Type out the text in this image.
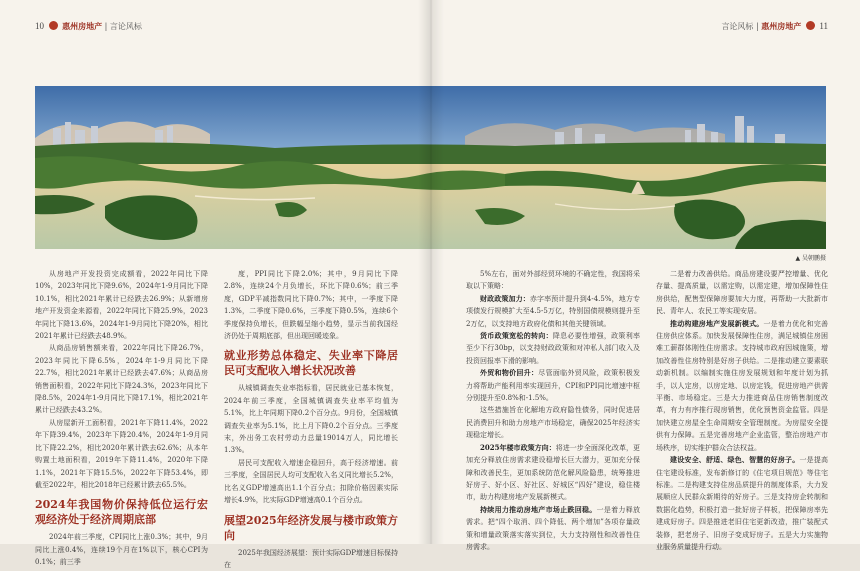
10 惠州房地产 | 言论风标	言论风标 | 惠州房地产 11
▲ 吴朝鹏摄

从房地产开发投资完成额看，2022年同比下降10%，2023年同比下降9.6%，2024年1-9月同比下降10.1%，相比2021年累计已经跌去26.9%；从新增房地产开发资金来源看，2022年同比下降25.9%，2023年同比下降13.6%，2024年1-9月同比下降20%，相比2021年累计已经跌去48.9%。

从商品房销售额来看，2022年同比下降26.7%，2023年同比下降6.5%，2024年1-9月同比下降22.7%，相比2021年累计已经跌去47.6%；从商品房销售面积看，2022年同比下降24.3%，2023年同比下降8.5%，2024年1-9月同比下降17.1%，相比2021年累计已经跌去43.2%。

从房屋新开工面积看，2021年下降11.4%，2022年下降39.4%，2023年下降20.4%，2024年1-9月同比下降22.2%，相比2020年累计跌去62.6%；从本年购置土地面积看，2019年下降11.4%，2020年下降1.1%，2021年下降15.5%，2022年下降53.4%，即截至2022年，相比2018年已经累计跌去65.5%。

2024年我国物价保持低位运行宏观经济处于经济周期底部

2024年前三季度，CPI同比上涨0.3%；其中，9月同比上涨0.4%，连续19个月在1%以下，核心CPI为0.1%；前三季

度，PPI同比下降2.0%；其中，9月同比下降2.8%，连续24个月负增长，环比下降0.6%；前三季度，GDP平减指数同比下降0.7%；其中，一季度下降1.3%，二季度下降0.6%，三季度下降0.5%，连续6个季度保持负增长，但跌幅呈缩小趋势，显示当前我国经济仍处于周期底部，但出现回暖迹象。

就业形势总体稳定、失业率下降居民可支配收入增长状况改善

从城镇调查失业率指标看，居民就业已基本恢复，2024年前三季度，全国城镇调查失业率平均值为5.1%，比上年同期下降0.2个百分点。9月份，全国城镇调查失业率为5.1%，比上月下降0.2个百分点。三季度末，外出务工农村劳动力总量19014万人，同比增长1.3%。

居民可支配收入增速企稳回升，高于经济增速。前三季度，全国居民人均可支配收入名义同比增长5.2%，比名义GDP增速高出1.1个百分点；扣除价格因素实际增长4.9%，比实际GDP增速高0.1个百分点。

展望2025年经济发展与楼市政策方向

2025年我国经济展望：预计实际GDP增速目标保持在

5%左右，面对外部经贸环境的不确定性，我国将采取以下策略：

财政政策加力：赤字率预计提升到4-4.5%，地方专项债发行规模扩大至4.5-5万亿，特别国债规模则提升至2万亿，以支持地方政府化债和其他关键领域。

货币政策宽松的转向：降息必要性增强，政策利率至少下行30bp，以支持财政政策和对冲私人部门收入及投资回报率下滑的影响。

外贸和物价回升：尽管面临外贸风险，政策积极发力将帮助产能利用率实现回升，CPI和PPI同比增速中枢分别提升至0.8%和-1.5%。

这些措施旨在化解地方政府隐性债务，同时促进居民消费回升和助力房地产市场稳定，确保2025年经济实现稳定增长。

2025年楼市政策方向：将进一步全面深化改革，更加充分释放住房需求建设稳增长巨大潜力，更加充分保障和改善民生，更加系统防范化解风险隐患，统筹推进好房子、好小区、好社区、好城区“四好”建设，稳住楼市，助力构建房地产发展新模式。

持续用力推动房地产市场止跌回稳。一是着力释放需求。把“四个取消、四个降低、两个增加”各项存量政策和增量政策落实落实到位，大力支持刚性和改善性住房需求。

二是着力改善供给。商品房建设要严控增量、优化存量、提高质量，以需定购，以需定建，增加保障性住房供给，配售型保障房要加大力度，再帮助一大批新市民、青年人、农民工等实现安居。

推动构建房地产发展新模式。一是着力优化和完善住房供应体系。加快发展保障性住房，满足城镇住房困难工薪群体刚性住房需求。支持城市政府因城施策，增加改善性住房特别是好房子供给。二是推动建立要素联动新机制。以编制实施住房发展规划和年度计划为抓手，以人定房，以房定地、以房定钱，促进房地产供需平衡、市场稳定。三是大力推进商品住房销售制度改革，有力有序推行现房销售，优化预售资金监管。四是加快建立房屋全生命周期安全管理制度。为房屋安全提供有力保障。五是完善房地产企业监管，整治房地产市场秩序，切实维护群众合法权益。

建设安全、舒适、绿色、智慧的好房子。一是提高住宅建设标准，发布新修订的《住宅项目规范》等住宅标准。二是构建支持住房品质提升的制度体系，大力发展顺应人民群众新期待的好房子。三是支持房企转制和数据化趋势，积极打造一批好房子样板，把保障房率先建成好房子。四是推进老旧住宅更新改造，推广装配式装修，把老房子、旧房子变成好房子。五是大力实施物业服务质量提升行动。
